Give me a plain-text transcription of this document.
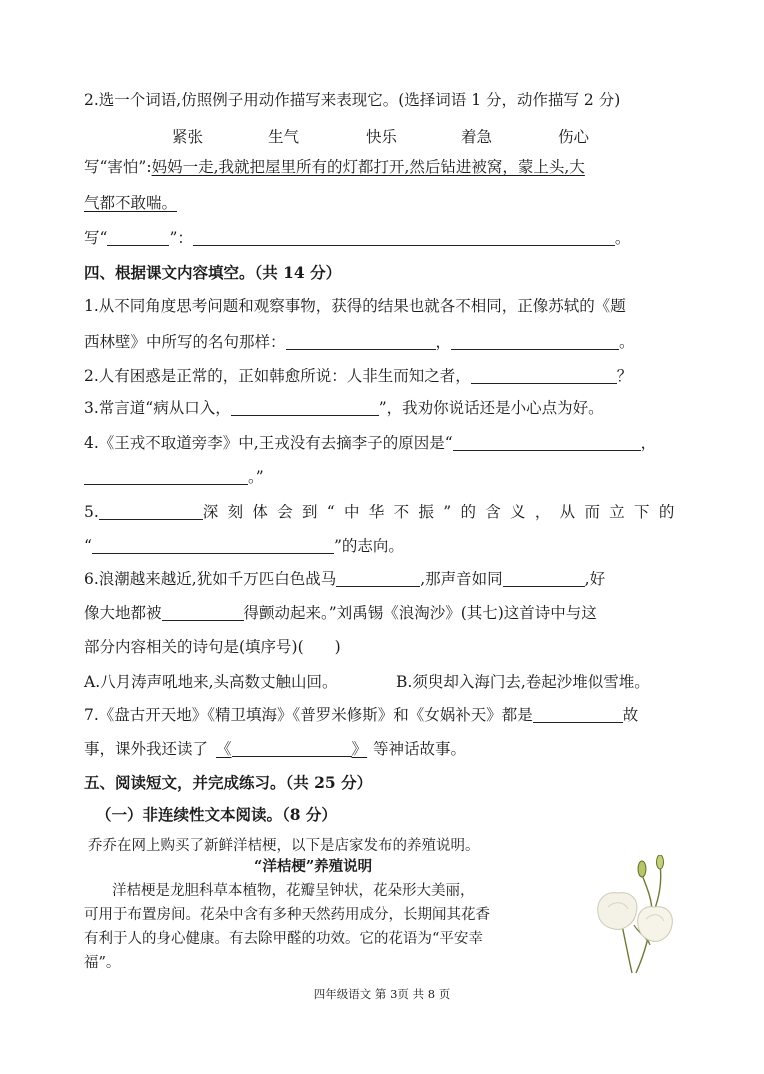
2.选一个词语,仿照例子用动作描写来表现它。(选择词语 1 分，动作描写 2 分)
紧张	生气	快乐	着急	伤心
写“害怕”:妈妈一走,我就把屋里所有的灯都打开,然后钻进被窝，蒙上头,大
气都不敢喘。
写“	”：	。
四、根据课文内容填空。（共 14 分）
1.从不同角度思考问题和观察事物，获得的结果也就各不相同，正像苏轼的《题
西林壁》中所写的名句那样：	，	。
2.人有困惑是正常的，正如韩愈所说：人非生而知之者，	？
3.常言道“病从口入，	”，我劝你说话还是小心点为好。
4.《王戎不取道旁李》中,王戎没有去摘李子的原因是“	，
。”
5.	深刻体会到“中华不振”的含义，从而立下的
“	”的志向。
6.浪潮越来越近,犹如千万匹白色战马	,那声音如同	,好
像大地都被	得颤动起来。”刘禹锡《浪淘沙》(其七)这首诗中与这
部分内容相关的诗句是(填序号)(　　)
A.八月涛声吼地来,头高数丈触山回。	B.须臾却入海门去,卷起沙堆似雪堆。
7.《盘古开天地》《精卫填海》《普罗米修斯》和《女娲补天》都是	故
事，课外我还读了 《	》 等神话故事。
五、阅读短文，并完成练习。（共 25 分）
（一）非连续性文本阅读。（8 分）
乔乔在网上购买了新鲜洋桔梗，以下是店家发布的养殖说明。
“洋桔梗”养殖说明
洋桔梗是龙胆科草本植物，花瓣呈钟状，花朵形大美丽，
可用于布置房间。花朵中含有多种天然药用成分，长期闻其花香
有利于人的身心健康。有去除甲醛的功效。它的花语为“平安幸
福”。
四年级语文 第 3页 共 8 页
